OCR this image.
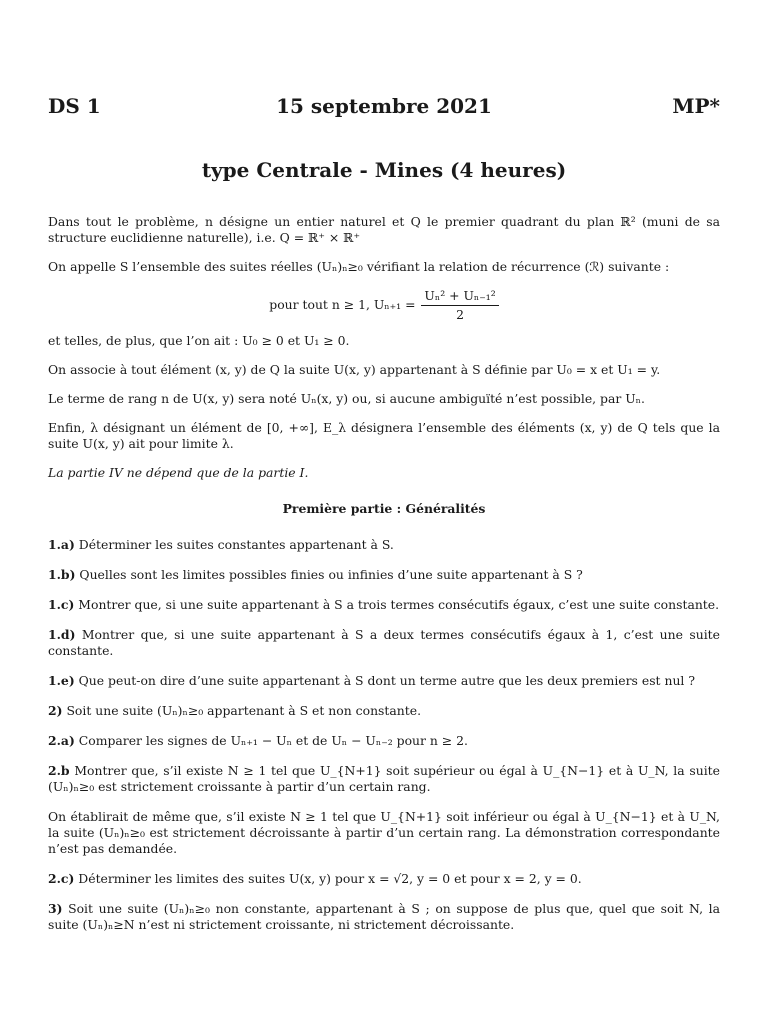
DS 1	15 septembre 2021	MP*
type Centrale - Mines (4 heures)

Dans tout le problème, n désigne un entier naturel et Q le premier quadrant du plan ℝ² (muni de sa structure euclidienne naturelle), i.e. Q = ℝ⁺ × ℝ⁺

On appelle S l’ensemble des suites réelles (Uₙ)ₙ≥₀ vérifiant la relation de récurrence (ℛ) suivante :

pour tout n ≥ 1, $U_{n+1} = \frac{\text{Uₙ² + Uₙ₋₁²}}{2}$

et telles, de plus, que l’on ait : U₀ ≥ 0 et U₁ ≥ 0.

On associe à tout élément (x, y) de Q la suite U(x, y) appartenant à S définie par U₀ = x et U₁ = y.

Le terme de rang n de U(x, y) sera noté Uₙ(x, y) ou, si aucune ambiguïté n’est possible, par Uₙ.

Enfin, λ désignant un élément de [0, +∞], E_λ désignera l’ensemble des éléments (x, y) de Q tels que la suite U(x, y) ait pour limite λ.

La partie IV ne dépend que de la partie I.

Première partie : Généralités

1.a) Déterminer les suites constantes appartenant à S.

1.b) Quelles sont les limites possibles finies ou infinies d’une suite appartenant à S ?

1.c) Montrer que, si une suite appartenant à S a trois termes consécutifs égaux, c’est une suite constante.

1.d) Montrer que, si une suite appartenant à S a deux termes consécutifs égaux à 1, c’est une suite constante.

1.e) Que peut-on dire d’une suite appartenant à S dont un terme autre que les deux premiers est nul ?

2) Soit une suite (Uₙ)ₙ≥₀ appartenant à S et non constante.

2.a) Comparer les signes de Uₙ₊₁ − Uₙ et de Uₙ − Uₙ₋₂ pour n ≥ 2.

2.b Montrer que, s’il existe N ≥ 1 tel que U_{N+1} soit supérieur ou égal à U_{N−1} et à U_N, la suite (Uₙ)ₙ≥₀ est strictement croissante à partir d’un certain rang.

On établirait de même que, s’il existe N ≥ 1 tel que U_{N+1} soit inférieur ou égal à U_{N−1} et à U_N, la suite (Uₙ)ₙ≥₀ est strictement décroissante à partir d’un certain rang. La démonstration correspondante n’est pas demandée.

2.c) Déterminer les limites des suites U(x, y) pour x = √2, y = 0 et pour x = 2, y = 0.

3) Soit une suite (Uₙ)ₙ≥₀ non constante, appartenant à S ; on suppose de plus que, quel que soit N, la suite (Uₙ)ₙ≥N n’est ni strictement croissante, ni strictement décroissante.
